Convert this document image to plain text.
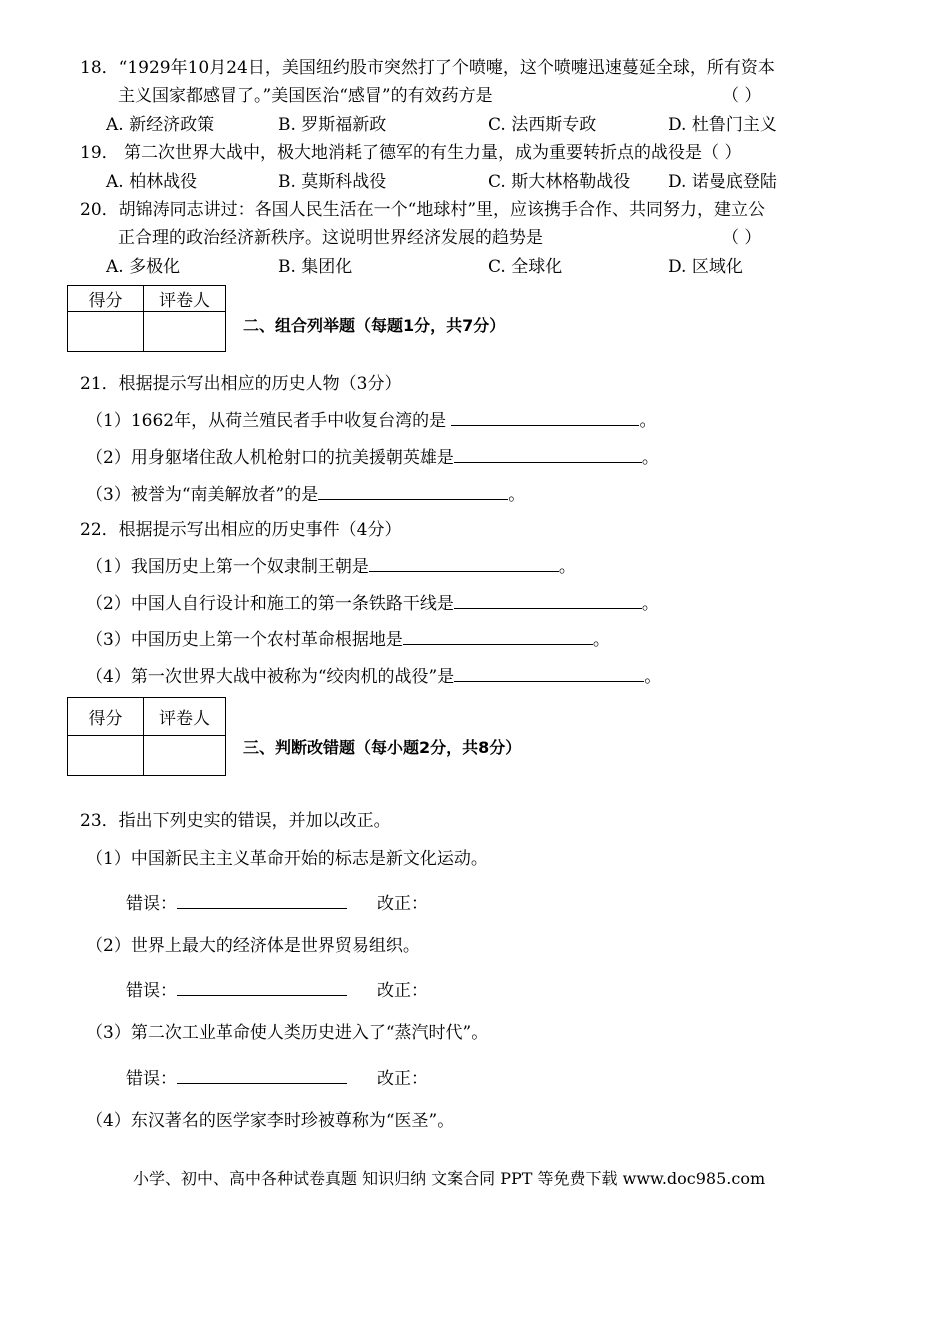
18．“1929年10月24日，美国纽约股市突然打了个喷嚏，这个喷嚏迅速蔓延全球，所有资本
主义国家都感冒了。”美国医治“感冒”的有效药方是	（ ）
A. 新经济政策	B. 罗斯福新政	C. 法西斯专政	D. 杜鲁门主义
19． 第二次世界大战中，极大地消耗了德军的有生力量，成为重要转折点的战役是（ ）
A. 柏林战役	B. 莫斯科战役	C. 斯大林格勒战役 D. 诺曼底登陆
20．胡锦涛同志讲过：各国人民生活在一个“地球村”里，应该携手合作、共同努力，建立公
正合理的政治经济新秩序。这说明世界经济发展的趋势是	（ ）
A. 多极化	B. 集团化	C. 全球化	D. 区域化
得分	评卷人

二、组合列举题（每题1分，共7分）
21．根据提示写出相应的历史人物（3分）
（1）1662年，从荷兰殖民者手中收复台湾的是	。
（2）用身躯堵住敌人机枪射口的抗美援朝英雄是	。
（3）被誉为“南美解放者”的是	。
22．根据提示写出相应的历史事件（4分）
（1）我国历史上第一个奴隶制王朝是	。
（2）中国人自行设计和施工的第一条铁路干线是	。
（3）中国历史上第一个农村革命根据地是	。
（4）第一次世界大战中被称为“绞肉机的战役”是	。
得分	评卷人

三、判断改错题（每小题2分，共8分）
23．指出下列史实的错误，并加以改正。
（1）中国新民主主义革命开始的标志是新文化运动。
错误：	改正：
（2）世界上最大的经济体是世界贸易组织。
错误：	改正：
（3）第二次工业革命使人类历史进入了“蒸汽时代”。
错误：	改正：
（4）东汉著名的医学家李时珍被尊称为“医圣”。
小学、初中、高中各种试卷真题 知识归纳 文案合同 PPT 等免费下载 www.doc985.com
